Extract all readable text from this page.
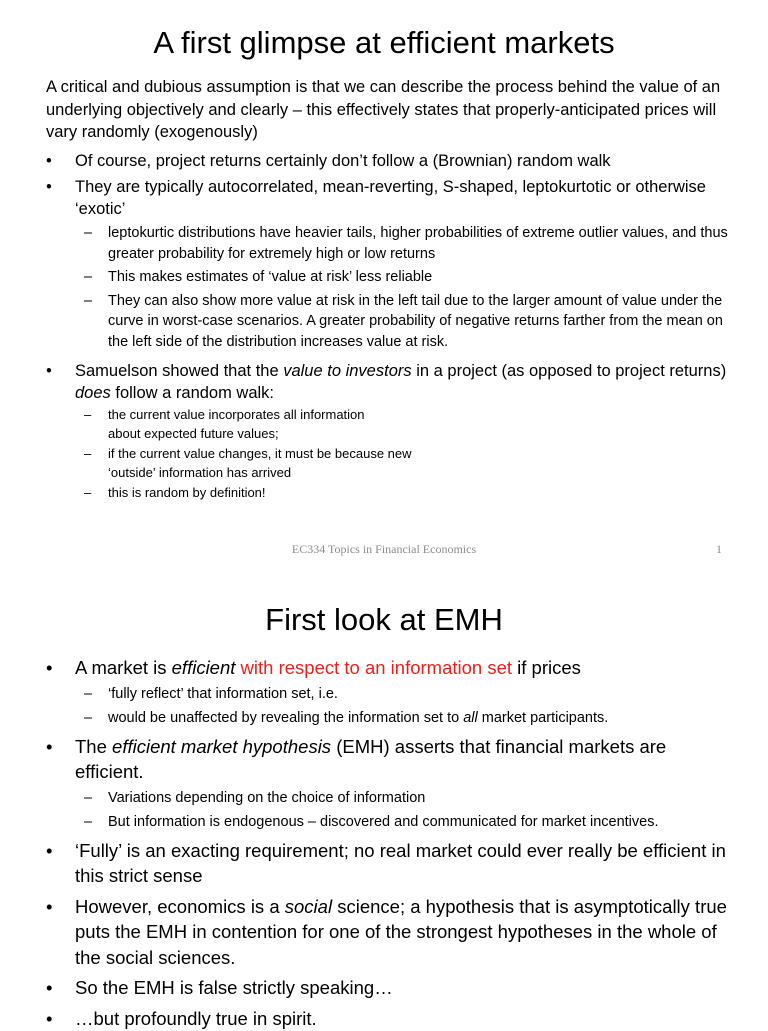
A first glimpse at efficient markets
A critical and dubious assumption is that we can describe the process behind the value of an underlying objectively and clearly – this effectively states that properly-anticipated prices will vary randomly (exogenously)
• Of course, project returns certainly don’t follow a (Brownian) random walk
• They are typically autocorrelated, mean-reverting, S-shaped, leptokurtotic or otherwise ‘exotic’
– leptokurtic distributions have heavier tails, higher probabilities of extreme outlier values, and thus greater probability for extremely high or low returns
– This makes estimates of ‘value at risk’ less reliable
– They can also show more value at risk in the left tail due to the larger amount of value under the curve in worst-case scenarios. A greater probability of negative returns farther from the mean on the left side of the distribution increases value at risk.
• Samuelson showed that the value to investors in a project (as opposed to project returns) does follow a random walk:
– the current value incorporates all information
about expected future values;
– if the current value changes, it must be because new
‘outside’ information has arrived
– this is random by definition!
EC334 Topics in Financial Economics	1
First look at EMH
• A market is efficient with respect to an information set if prices
– ‘fully reflect’ that information set, i.e.
– would be unaffected by revealing the information set to all market participants.
• The efficient market hypothesis (EMH) asserts that financial markets are efficient.
– Variations depending on the choice of information
– But information is endogenous – discovered and communicated for market incentives.
• ‘Fully’ is an exacting requirement; no real market could ever really be efficient in this strict sense
• However, economics is a social science; a hypothesis that is asymptotically true puts the EMH in contention for one of the strongest hypotheses in the whole of the social sciences.
• So the EMH is false strictly speaking…
• …but profoundly true in spirit.
